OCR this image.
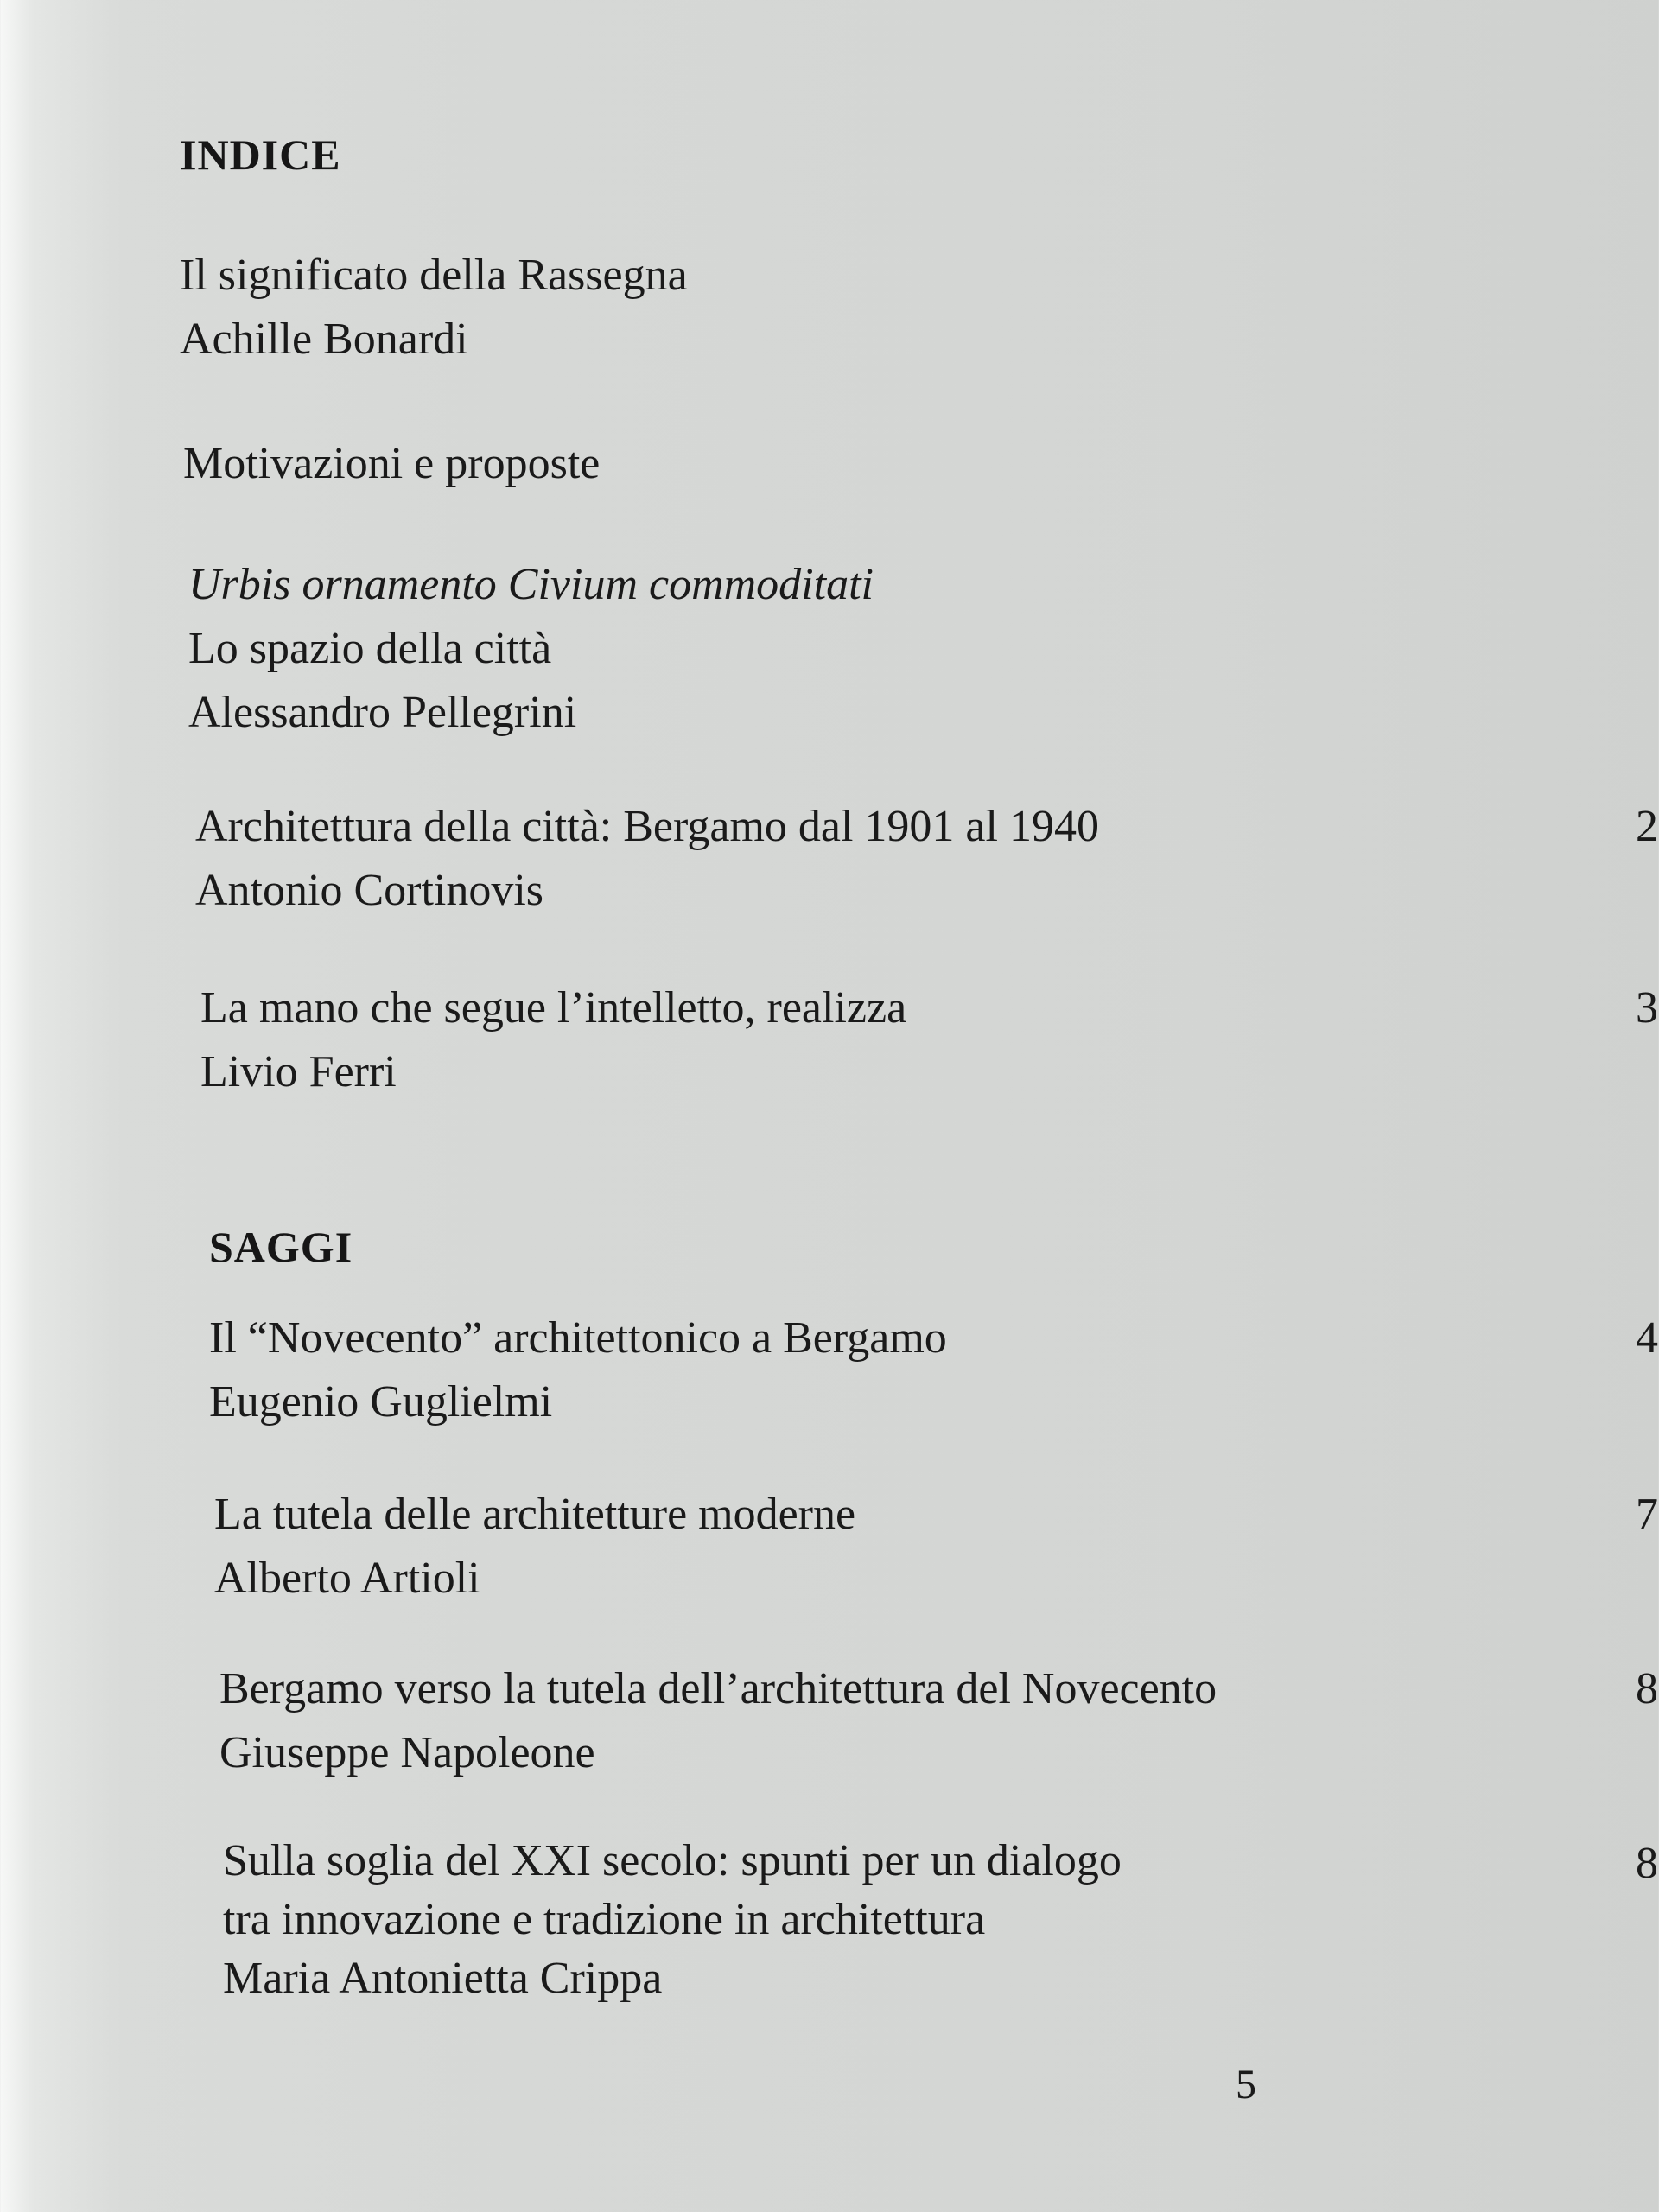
INDICE
Il significato della Rassegna
Achille Bonardi
Motivazioni e proposte
Urbis ornamento Civium commoditati
Lo spazio della città
Alessandro Pellegrini
Architettura della città: Bergamo dal 1901 al 1940
Antonio Cortinovis
2
La mano che segue l’intelletto, realizza
Livio Ferri
3
SAGGI
Il “Novecento” architettonico a Bergamo
Eugenio Guglielmi
4
La tutela delle architetture moderne
Alberto Artioli
7
Bergamo verso la tutela dell’architettura del Novecento
Giuseppe Napoleone
8
Sulla soglia del XXI secolo: spunti per un dialogo
tra innovazione e tradizione in architettura
Maria Antonietta Crippa
8
5
